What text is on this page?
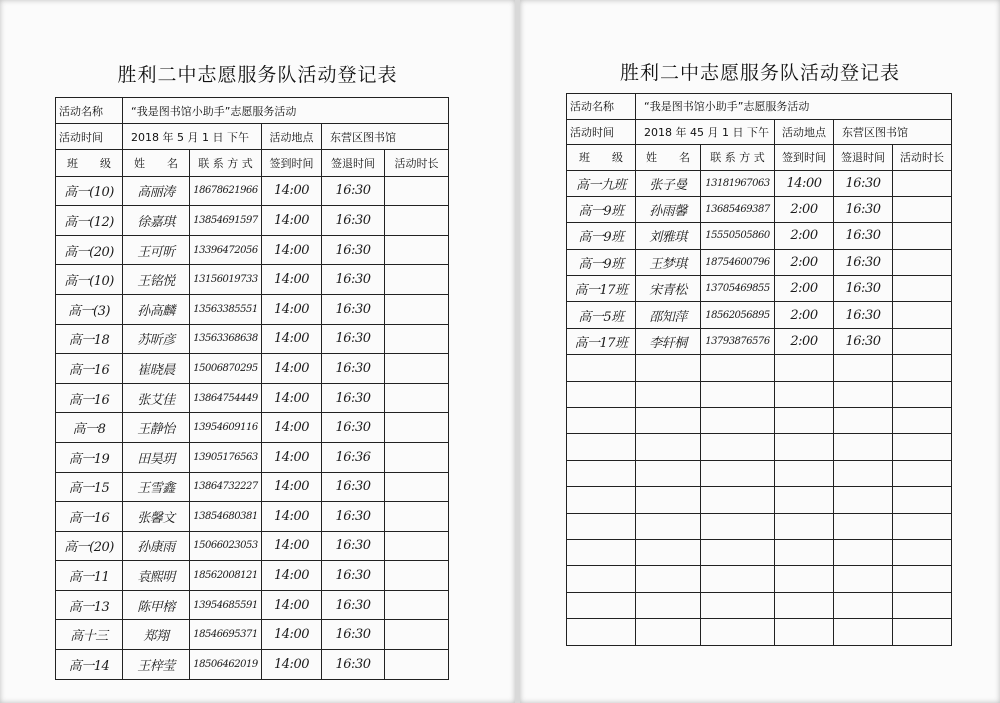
胜利二中志愿服务队活动登记表	胜利二中志愿服务队活动登记表
活动名称	“我是图书馆小助手”志愿服务活动				
活动时间	2018 年 5 月 1 日 下午		活动地点	东营区图书馆	
班　　级	姓　　名	联 系 方 式	签到时间	签退时间	活动时长
高一(10)	高丽涛	18678621966	14:00	16:30	
高一(12)	徐嘉琪	13854691597	14:00	16:30	
高一(20)	王可昕	13396472056	14:00	16:30	
高一(10)	王铭悦	13156019733	14:00	16:30	
高一(3)	孙高麟	13563385551	14:00	16:30	
高一18	苏昕彦	13563368638	14:00	16:30	
高一16	崔晓晨	15006870295	14:00	16:30	
高一16	张艾佳	13864754449	14:00	16:30	
高一8	王静怡	13954609116	14:00	16:30	
高一19	田昊玥	13905176563	14:00	16:36	
高一15	王雪鑫	13864732227	14:00	16:30	
高一16	张馨文	13854680381	14:00	16:30	
高一(20)	孙康雨	15066023053	14:00	16:30	
高一11	袁熙明	18562008121	14:00	16:30	
高一13	陈甲榕	13954685591	14:00	16:30	
高十三	郑翔	18546695371	14:00	16:30	
高一14	王梓莹	18506462019	14:00	16:30	
活动名称	“我是图书馆小助手”志愿服务活动				
活动时间	2018 年 45 月 1 日 下午		活动地点	东营区图书馆	
班　　级	姓　　名	联 系 方 式	签到时间	签退时间	活动时长
高一九班	张子曼	13181967063	14:00	16:30	
高一9班	孙雨馨	13685469387	2:00	16:30	
高一9班	刘雅琪	15550505860	2:00	16:30	
高一9班	王梦琪	18754600796	2:00	16:30	
高一17班	宋青松	13705469855	2:00	16:30	
高一5班	邵知萍	18562056895	2:00	16:30	
高一17班	李轩桐	13793876576	2:00	16:30	
